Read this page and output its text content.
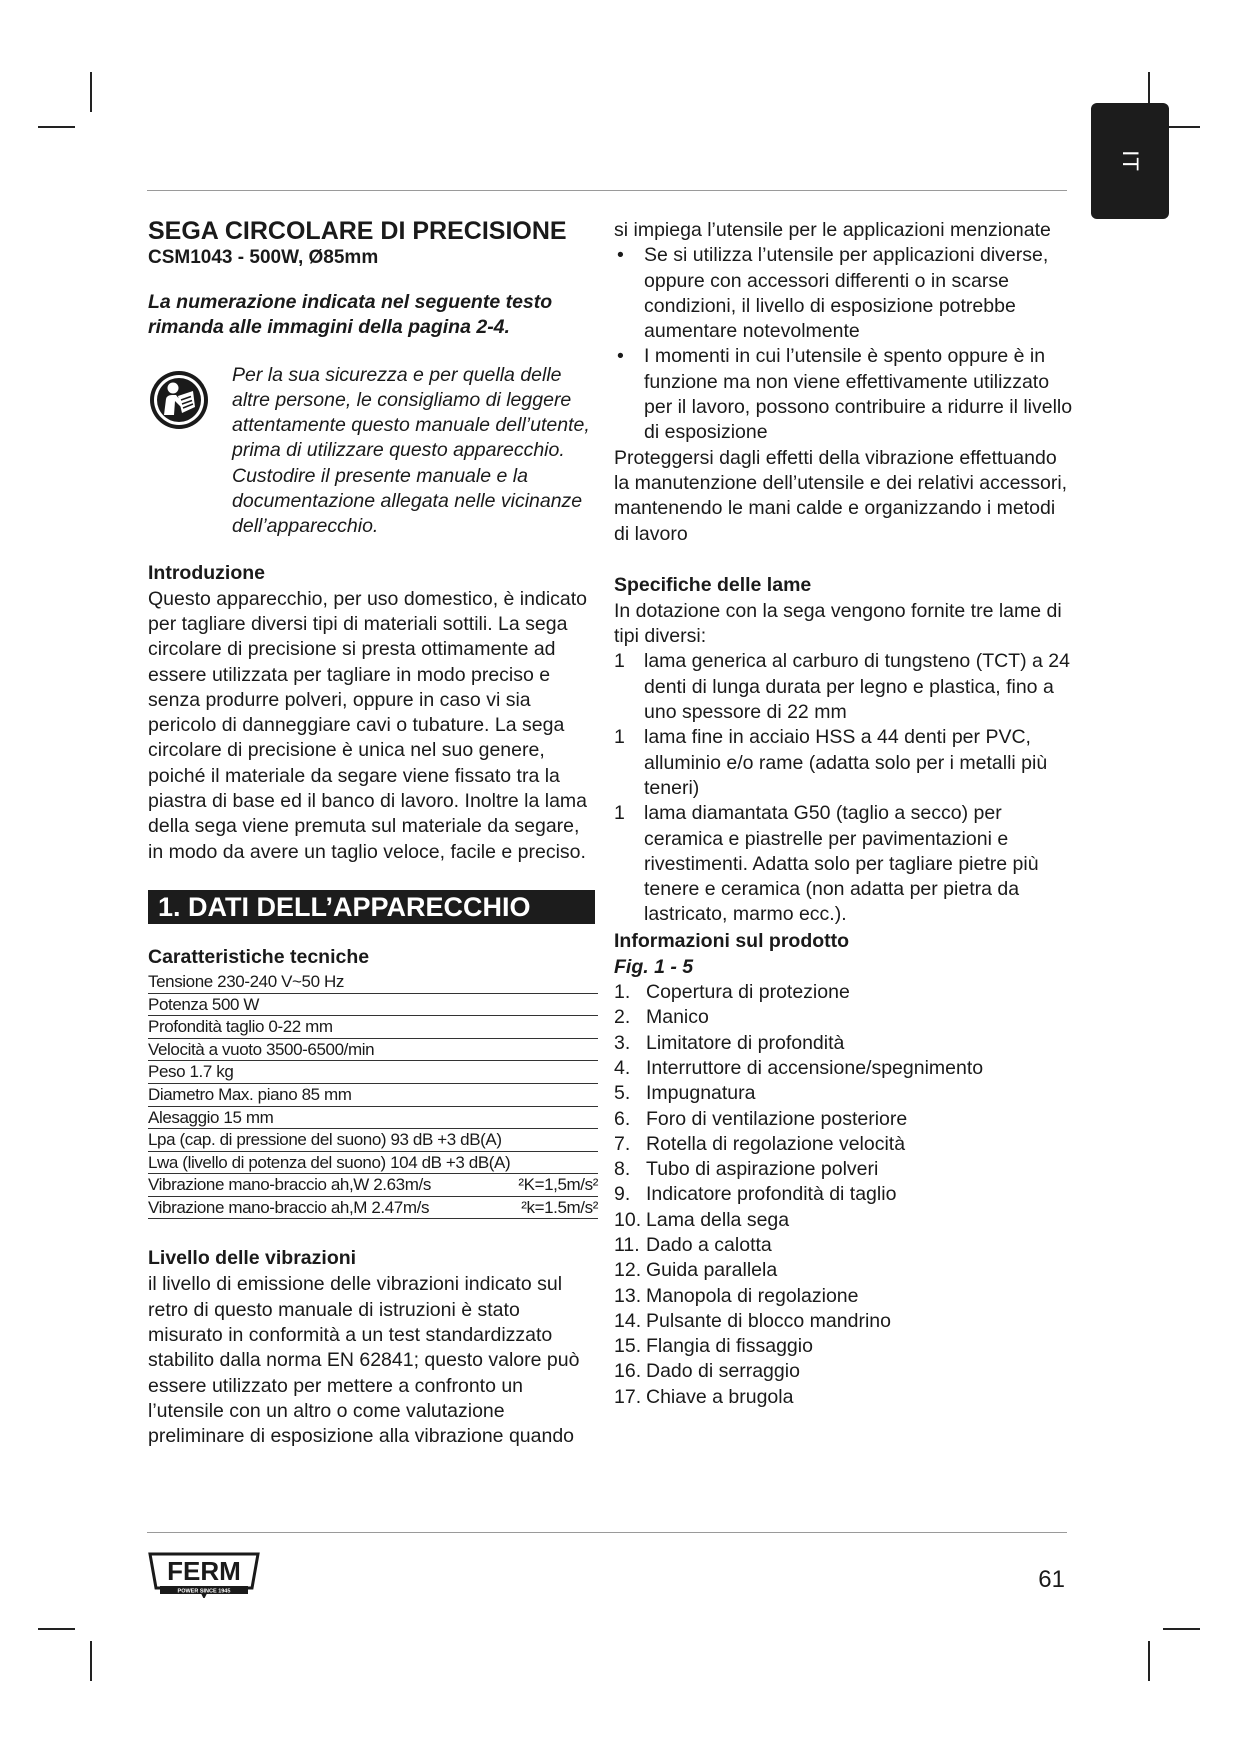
IT

SEGA CIRCOLARE DI PRECISIONE

CSM1043 - 500W, Ø85mm

La numerazione indicata nel seguente testo rimanda alle immagini della pagina 2-4.

Per la sua sicurezza e per quella delle altre persone, le consigliamo di leggere attentamente questo manuale dell’utente, prima di utilizzare questo apparecchio. Custodire il presente manuale e la documentazione allegata nelle vicinanze dell’apparecchio.

Introduzione

Questo apparecchio, per uso domestico, è indicato per tagliare diversi tipi di materiali sottili. La sega circolare di precisione si presta ottimamente ad essere utilizzata per tagliare in modo preciso e senza produrre polveri, oppure in caso vi sia pericolo di danneggiare cavi o tubature. La sega circolare di precisione è unica nel suo genere, poiché il materiale da segare viene fissato tra la piastra di base ed il banco di lavoro. Inoltre la lama della sega viene premuta sul materiale da segare, in modo da avere un taglio veloce, facile e preciso.

1. DATI DELL’APPARECCHIO
Caratteristiche tecniche
Tensione 230-240 V~50 Hz
Potenza 500 W
Profondità taglio 0-22 mm
Velocità a vuoto 3500-6500/min
Peso 1.7 kg
Diametro Max. piano 85 mm
Alesaggio 15 mm
Lpa (cap. di pressione del suono) 93 dB +3 dB(A)
Lwa (livello di potenza del suono) 104 dB +3 dB(A)
Vibrazione mano-braccio ah,W 2.63m/s	²K=1,5m/s²
Vibrazione mano-braccio ah,M 2.47m/s	²k=1.5m/s²
Livello delle vibrazioni

il livello di emissione delle vibrazioni indicato sul retro di questo manuale di istruzioni è stato misurato in conformità a un test standardizzato stabilito dalla norma EN 62841; questo valore può essere utilizzato per mettere a confronto un l’utensile con un altro o come valutazione preliminare di esposizione alla vibrazione quando

si impiega l’utensile per le applicazioni menzionate

• Se si utilizza l’utensile per applicazioni diverse, oppure con accessori differenti o in scarse condizioni, il livello di esposizione potrebbe aumentare notevolmente
• I momenti in cui l’utensile è spento oppure è in funzione ma non viene effettivamente utilizzato per il lavoro, possono contribuire a ridurre il livello di esposizione

Proteggersi dagli effetti della vibrazione effettuando la manutenzione dell’utensile e dei relativi accessori, mantenendo le mani calde e organizzando i metodi di lavoro

Specifiche delle lame

In dotazione con la sega vengono fornite tre lame di tipi diversi:

1 lama generica al carburo di tungsteno (TCT) a 24 denti di lunga durata per legno e plastica, fino a uno spessore di 22 mm
1 lama fine in acciaio HSS a 44 denti per PVC, alluminio e/o rame (adatta solo per i metalli più teneri)
1 lama diamantata G50 (taglio a secco) per ceramica e piastrelle per pavimentazioni e rivestimenti. Adatta solo per tagliare pietre più tenere e ceramica (non adatta per pietra da lastricato, marmo ecc.).
Informazioni sul prodotto

Fig. 1 - 5

1. Copertura di protezione
2. Manico
3. Limitatore di profondità
4. Interruttore di accensione/spegnimento
5. Impugnatura
6. Foro di ventilazione posteriore
7. Rotella di regolazione velocità
8. Tubo di aspirazione polveri
9. Indicatore profondità di taglio
10. Lama della sega
11. Dado a calotta
12. Guida parallela
13. Manopola di regolazione
14. Pulsante di blocco mandrino
15. Flangia di fissaggio
16. Dado di serraggio
17. Chiave a brugola
FERM
POWER SINCE 1945	61
